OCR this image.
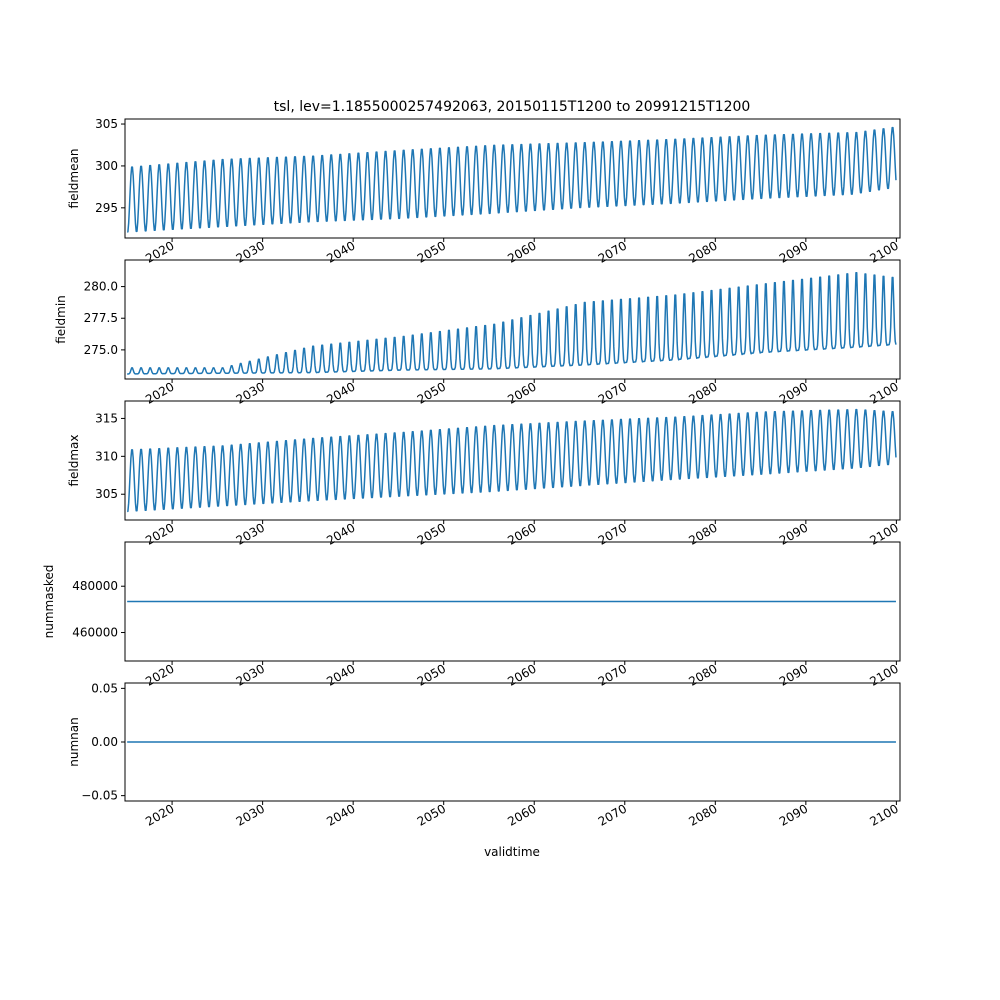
tsl, lev=1.1855000257492063, 20150115T1200 to 20991215T1200
295
300
305
2020	2030	2040	2050	2060	2070	2080	2090	2100
fieldmean
275.0
277.5
280.0
2020	2030	2040	2050	2060	2070	2080	2090	2100
fieldmin
305
310
315
2020	2030	2040	2050	2060	2070	2080	2090	2100
fieldmax
460000
480000
2020	2030	2040	2050	2060	2070	2080	2090	2100
nummasked
−0.05
0.00
0.05
2020	2030	2040	2050	2060	2070	2080	2090	2100
numnan
validtime
